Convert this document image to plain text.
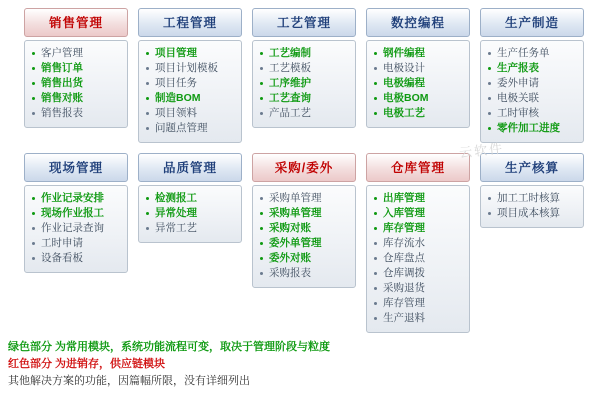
云软件
销售管理
客户管理
销售订单
销售出货
销售对账
销售报表
工程管理
项目管理
项目计划模板
项目任务
制造BOM
项目领料
问题点管理
工艺管理
工艺编制
工艺模板
工序维护
工艺查询
产品工艺
数控编程
钢件编程
电极设计
电极编程
电极BOM
电极工艺
生产制造
生产任务单
生产报表
委外申请
电极关联
工时审核
零件加工进度
现场管理
作业记录安排
现场作业报工
作业记录查询
工时申请
设备看板
品质管理
检测报工
异常处理
异常工艺
采购/委外
采购单管理
采购单管理
采购对账
委外单管理
委外对账
采购报表
仓库管理
出库管理
入库管理
库存管理
库存流水
仓库盘点
仓库调拨
采购退货
库存管理
生产退料
生产核算
加工工时核算
项目成本核算
绿色部分 为常用模块，系统功能流程可变，取决于管理阶段与粒度
红色部分 为进销存，供应链模块
其他解决方案的功能，因篇幅所限，没有详细列出
